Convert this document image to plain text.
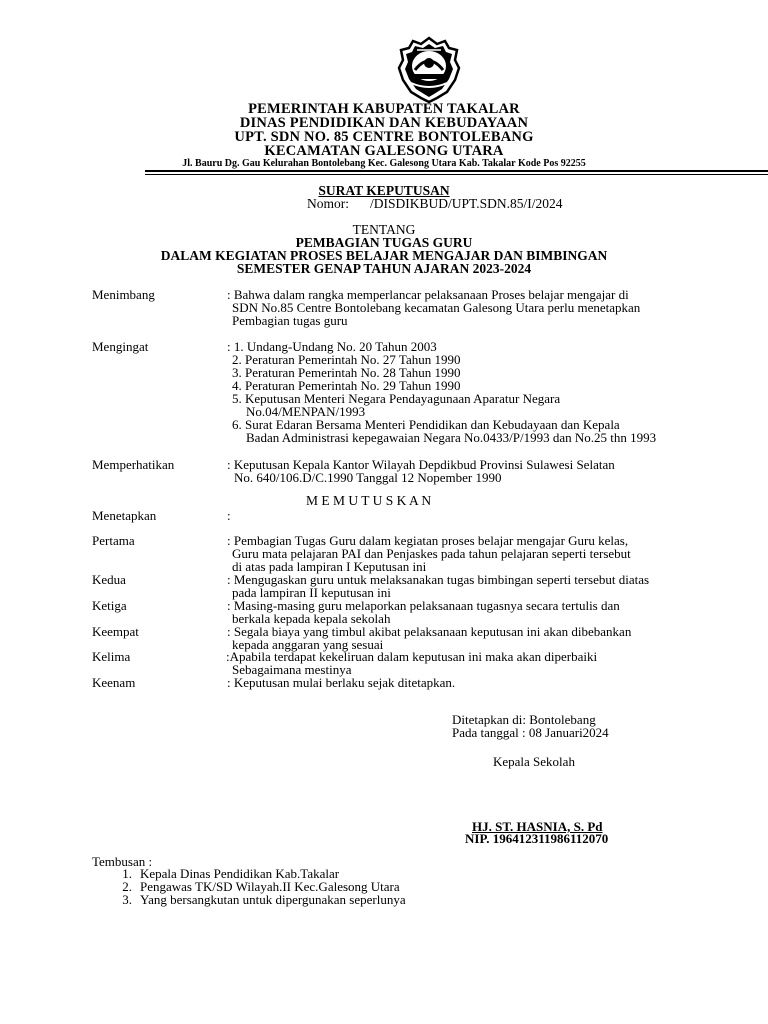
PEMERINTAH KABUPATEN TAKALAR
DINAS PENDIDIKAN DAN KEBUDAYAAN
UPT. SDN NO. 85 CENTRE BONTOLEBANG
KECAMATAN GALESONG UTARA
Jl. Bauru Dg. Gau Kelurahan Bontolebang Kec. Galesong Utara Kab. Takalar Kode Pos 92255
SURAT KEPUTUSAN
Nomor: /DISDIKBUD/UPT.SDN.85/I/2024
TENTANG
PEMBAGIAN TUGAS GURU
DALAM KEGIATAN PROSES BELAJAR MENGAJAR DAN BIMBINGAN
SEMESTER GENAP TAHUN AJARAN 2023-2024
Menimbang	: Bahwa dalam rangka memperlancar pelaksanaan Proses belajar mengajar di
SDN No.85 Centre Bontolebang kecamatan Galesong Utara perlu menetapkan
Pembagian tugas guru
Mengingat	: 1. Undang-Undang No. 20 Tahun 2003
2. Peraturan Pemerintah No. 27 Tahun 1990
3. Peraturan Pemerintah No. 28 Tahun 1990
4. Peraturan Pemerintah No. 29 Tahun 1990
5. Keputusan Menteri Negara Pendayagunaan Aparatur Negara
No.04/MENPAN/1993
6. Surat Edaran Bersama Menteri Pendidikan dan Kebudayaan dan Kepala
Badan Administrasi kepegawaian Negara No.0433/P/1993 dan No.25 thn 1993
Memperhatikan	: Keputusan Kepala Kantor Wilayah Depdikbud Provinsi Sulawesi Selatan
No. 640/106.D/C.1990 Tanggal 12 Nopember 1990
M E M U T U S K A N
Menetapkan	:
Pertama	: Pembagian Tugas Guru dalam kegiatan proses belajar mengajar Guru kelas,
Guru mata pelajaran PAI dan Penjaskes pada tahun pelajaran seperti tersebut
di atas pada lampiran I Keputusan ini
Kedua	: Mengugaskan guru untuk melaksanakan tugas bimbingan seperti tersebut diatas
pada lampiran II keputusan ini
Ketiga	: Masing-masing guru melaporkan pelaksanaan tugasnya secara tertulis dan
berkala kepada kepala sekolah
Keempat	: Segala biaya yang timbul akibat pelaksanaan keputusan ini akan dibebankan
kepada anggaran yang sesuai
Kelima	:Apabila terdapat kekeliruan dalam keputusan ini maka akan diperbaiki
Sebagaimana mestinya
Keenam	: Keputusan mulai berlaku sejak ditetapkan.
Ditetapkan di: Bontolebang
Pada tanggal : 08 Januari2024
Kepala Sekolah
HJ. ST. HASNIA, S. Pd
NIP. 196412311986112070
Tembusan :
1. Kepala Dinas Pendidikan Kab.Takalar
2. Pengawas TK/SD Wilayah.II Kec.Galesong Utara
3. Yang bersangkutan untuk dipergunakan seperlunya
